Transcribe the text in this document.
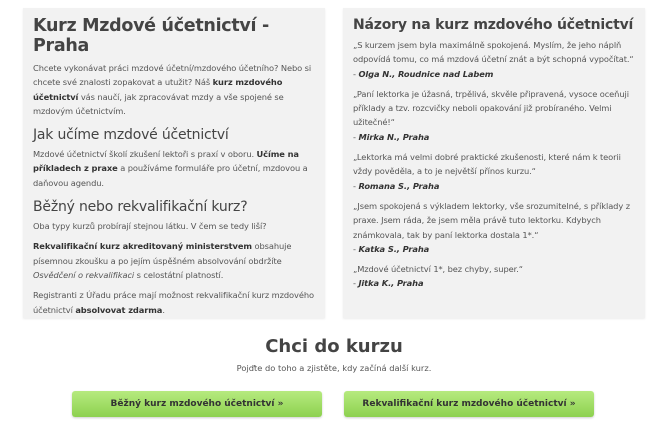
Kurz Mzdové účetnictví - Praha

Chcete vykonávat práci mzdové účetní/mzdového účetního? Nebo si chcete své znalosti zopakovat a utužit? Náš kurz mzdového účetnictví vás naučí, jak zpracovávat mzdy a vše spojené se mzdovým účetnictvím.

Jak učíme mzdové účetnictví

Mzdové účetnictví školí zkušení lektoři s praxí v oboru. Učíme na příkladech z praxe a používáme formuláře pro účetní, mzdovou a daňovou agendu.

Běžný nebo rekvalifikační kurz?

Oba typy kurzů probírají stejnou látku. V čem se tedy liší?

Rekvalifikační kurz akreditovaný ministerstvem obsahuje písemnou zkoušku a po jejím úspěšném absolvování obdržíte Osvědčení o rekvalifikaci s celostátní platností.

Registranti z Úřadu práce mají možnost rekvalifikační kurz mzdového účetnictví absolvovat zdarma.

Názory na kurz mzdového účetnictví

„S kurzem jsem byla maximálně spokojená. Myslím, že jeho náplň odpovídá tomu, co má mzdová účetní znát a být schopná vypočítat.“
- Olga N., Roudnice nad Labem

„Paní lektorka je úžasná, trpělivá, skvěle připravená, vysoce oceňuji příklady a tzv. rozcvičky neboli opakování již probíraného. Velmi užitečné!“
- Mirka N., Praha

„Lektorka má velmi dobré praktické zkušenosti, které nám k teorii vždy pověděla, a to je největší přínos kurzu.“
- Romana S., Praha

„Jsem spokojená s výkladem lektorky, vše srozumitelné, s příklady z praxe. Jsem ráda, že jsem měla právě tuto lektorku. Kdybych známkovala, tak by paní lektorka dostala 1*.“
- Katka S., Praha

„Mzdové účetnictví 1*, bez chyby, super.“
- Jitka K., Praha

Chci do kurzu
Pojďte do toho a zjistěte, kdy začíná další kurz.
Běžný kurz mzdového účetnictví »	Rekvalifikační kurz mzdového účetnictví »
